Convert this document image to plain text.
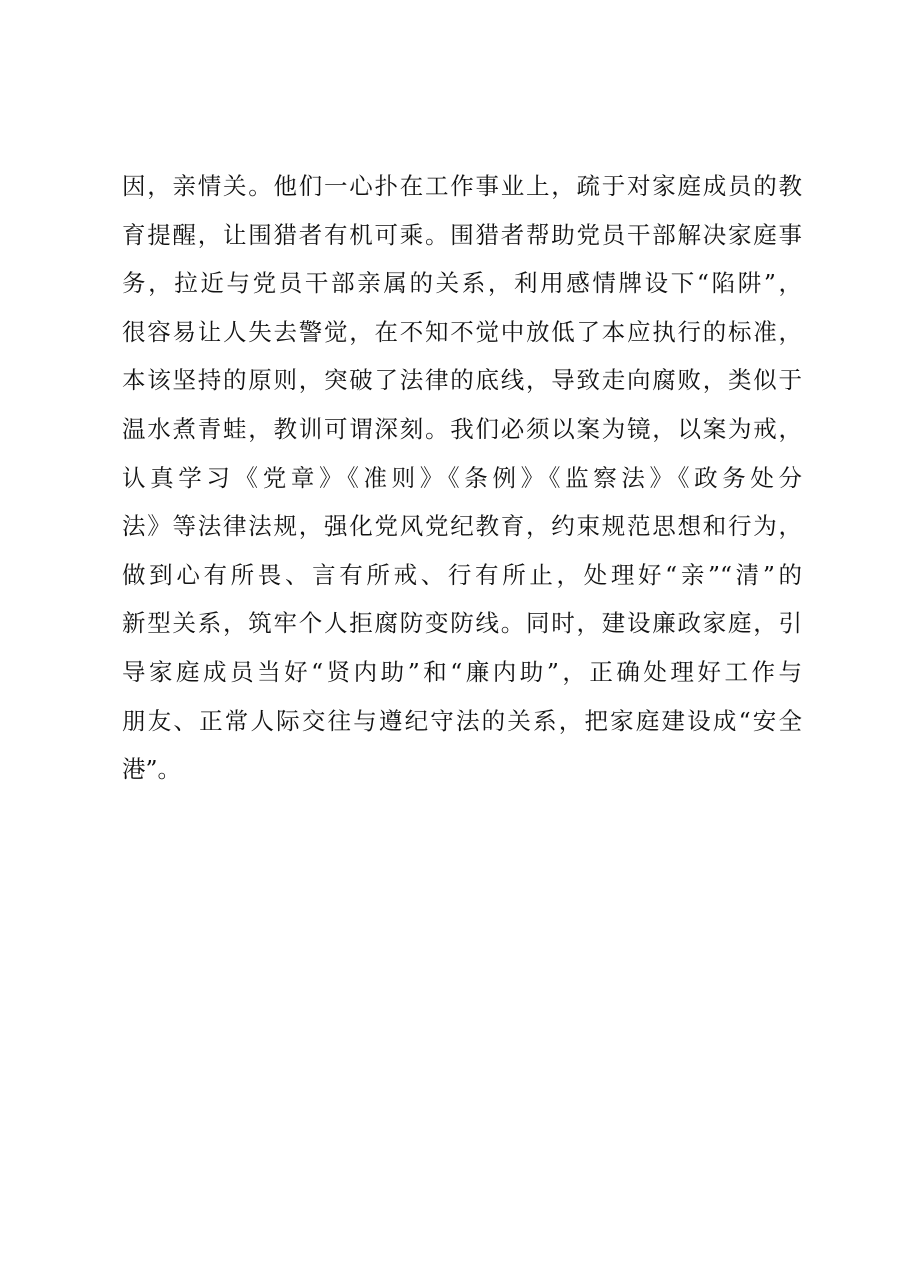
因，亲情关。他们一心扑在工作事业上，疏于对家庭成员的教
育提醒，让围猎者有机可乘。围猎者帮助党员干部解决家庭事
务，拉近与党员干部亲属的关系，利用感情牌设下“陷阱”，
很容易让人失去警觉，在不知不觉中放低了本应执行的标准，
本该坚持的原则，突破了法律的底线，导致走向腐败，类似于
温水煮青蛙，教训可谓深刻。我们必须以案为镜，以案为戒，
认真学习《党章》《准则》《条例》《监察法》《政务处分
法》等法律法规，强化党风党纪教育，约束规范思想和行为，
做到心有所畏、言有所戒、行有所止，处理好“亲”“清”的
新型关系，筑牢个人拒腐防变防线。同时，建设廉政家庭，引
导家庭成员当好“贤内助”和“廉内助”，正确处理好工作与
朋友、正常人际交往与遵纪守法的关系，把家庭建设成“安全
港”。
